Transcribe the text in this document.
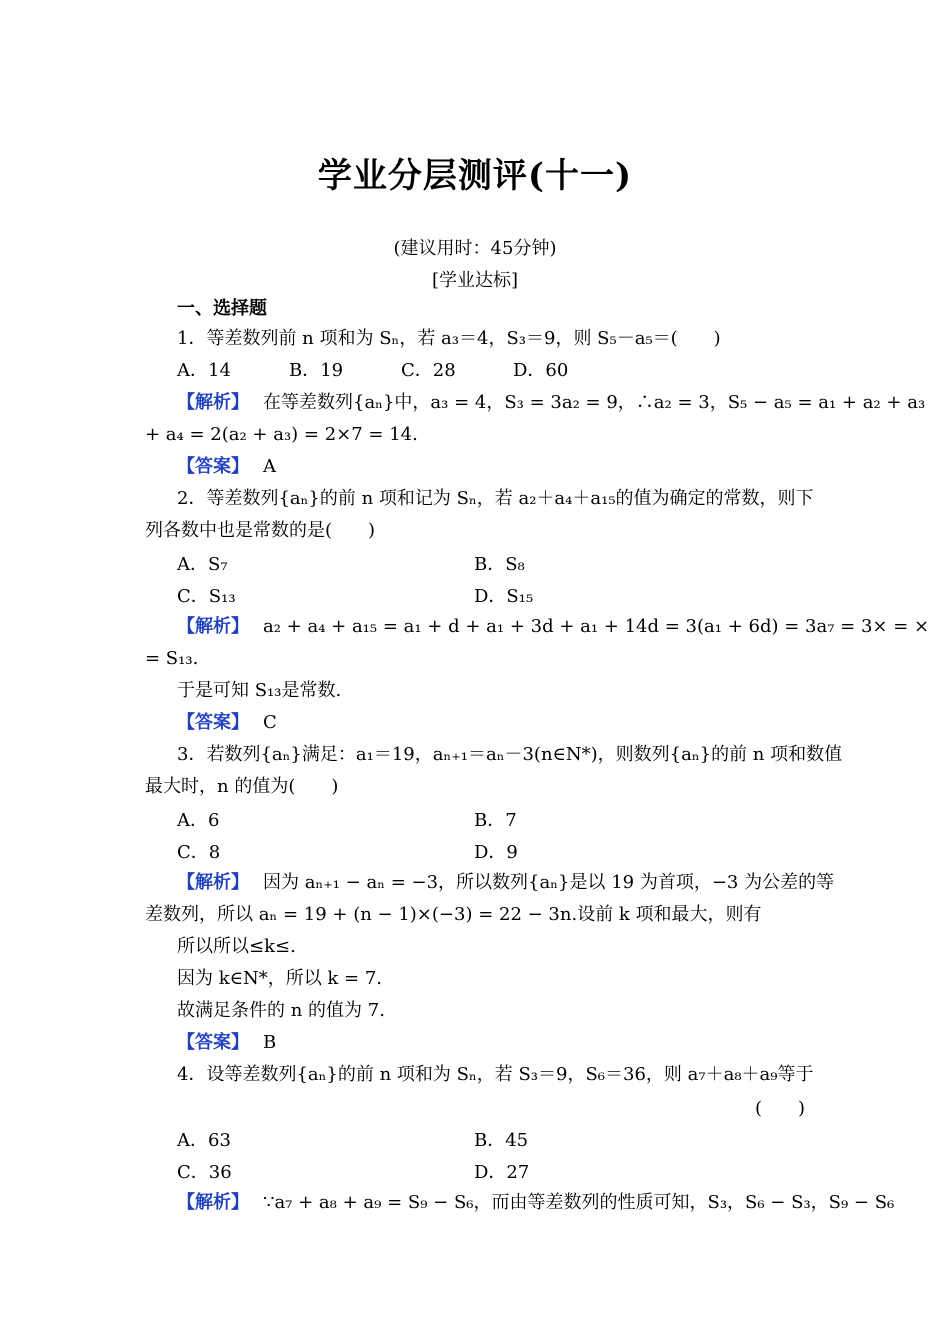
学业分层测评(十一)
(建议用时：45分钟)
[学业达标]
一、选择题
1．等差数列前 n 项和为 Sₙ，若 a₃＝4，S₃＝9，则 S₅－a₅＝(　　)
A．14	B．19	C．28	D．60
【解析】 在等差数列{aₙ}中，a₃ = 4，S₃ = 3a₂ = 9，∴a₂ = 3，S₅ − a₅ = a₁ + a₂ + a₃
+ a₄ = 2(a₂ + a₃) = 2×7 = 14.
【答案】 A
2．等差数列{aₙ}的前 n 项和记为 Sₙ，若 a₂＋a₄＋a₁₅的值为确定的常数，则下
列各数中也是常数的是(　　)
A．S₇	B．S₈
C．S₁₃	D．S₁₅
【解析】 a₂ + a₄ + a₁₅ = a₁ + d + a₁ + 3d + a₁ + 14d = 3(a₁ + 6d) = 3a₇ = 3× = ×
= S₁₃.
于是可知 S₁₃是常数.
【答案】 C
3．若数列{aₙ}满足：a₁＝19，aₙ₊₁＝aₙ－3(n∈N*)，则数列{aₙ}的前 n 项和数值
最大时，n 的值为(　　)
A．6	B．7
C．8	D．9
【解析】 因为 aₙ₊₁ − aₙ = −3，所以数列{aₙ}是以 19 为首项，−3 为公差的等
差数列，所以 aₙ = 19 + (n − 1)×(−3) = 22 − 3n.设前 k 项和最大，则有
所以所以≤k≤.
因为 k∈N*，所以 k = 7.
故满足条件的 n 的值为 7.
【答案】 B
4．设等差数列{aₙ}的前 n 项和为 Sₙ，若 S₃＝9，S₆＝36，则 a₇＋a₈＋a₉等于
(　　)
A．63	B．45
C．36	D．27
【解析】 ∵a₇ + a₈ + a₉ = S₉ − S₆，而由等差数列的性质可知，S₃，S₆ − S₃，S₉ − S₆
